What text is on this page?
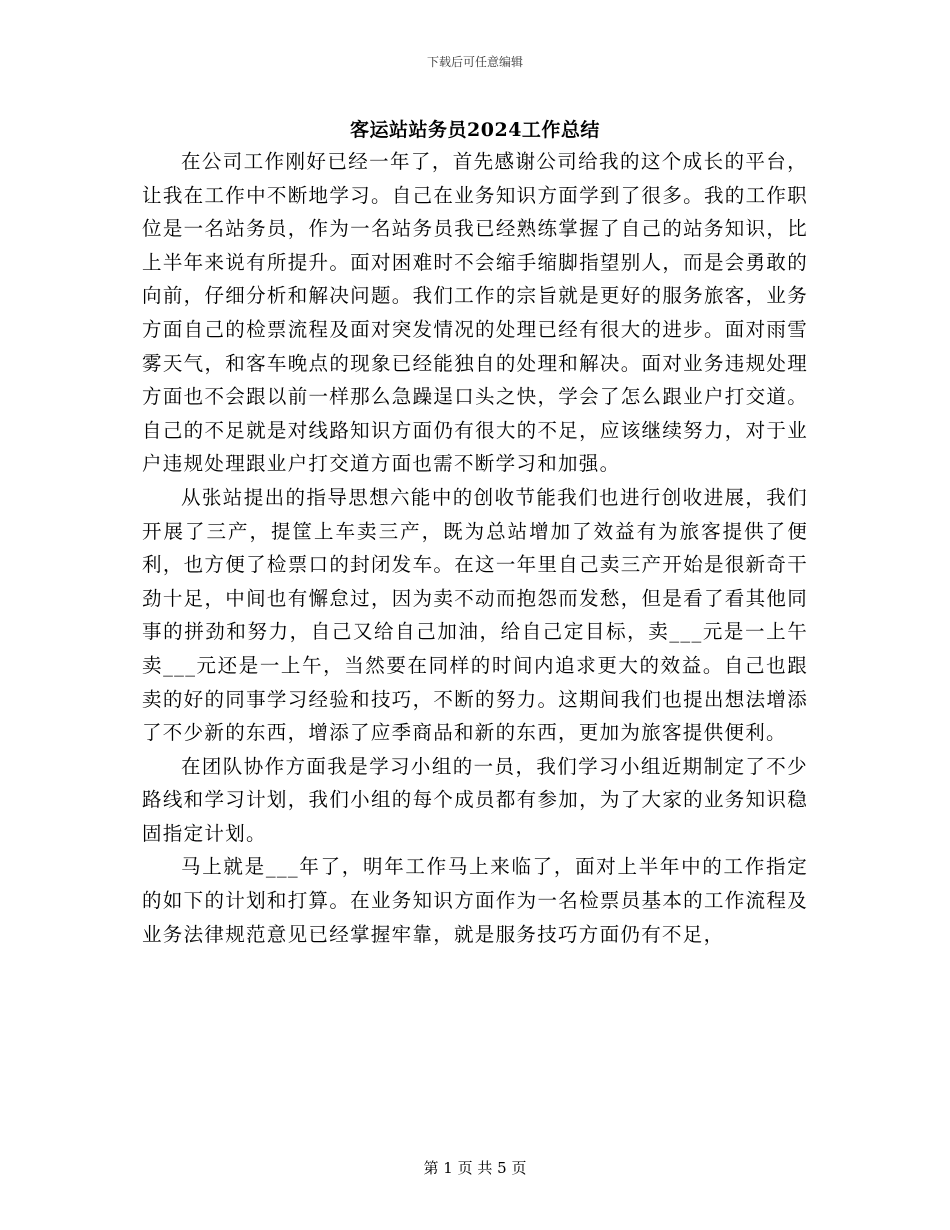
下载后可任意编辑
客运站站务员2024工作总结

在公司工作刚好已经一年了，首先感谢公司给我的这个成长的平台，让我在工作中不断地学习。自己在业务知识方面学到了很多。我的工作职位是一名站务员，作为一名站务员我已经熟练掌握了自己的站务知识，比上半年来说有所提升。面对困难时不会缩手缩脚指望别人，而是会勇敢的向前，仔细分析和解决问题。我们工作的宗旨就是更好的服务旅客，业务方面自己的检票流程及面对突发情况的处理已经有很大的进步。面对雨雪雾天气，和客车晚点的现象已经能独自的处理和解决。面对业务违规处理方面也不会跟以前一样那么急躁逞口头之快，学会了怎么跟业户打交道。自己的不足就是对线路知识方面仍有很大的不足，应该继续努力，对于业户违规处理跟业户打交道方面也需不断学习和加强。

从张站提出的指导思想六能中的创收节能我们也进行创收进展，我们开展了三产，提筐上车卖三产，既为总站增加了效益有为旅客提供了便利，也方便了检票口的封闭发车。在这一年里自己卖三产开始是很新奇干劲十足，中间也有懈怠过，因为卖不动而抱怨而发愁，但是看了看其他同事的拼劲和努力，自己又给自己加油，给自己定目标，卖___元是一上午卖___元还是一上午，当然要在同样的时间内追求更大的效益。自己也跟卖的好的同事学习经验和技巧，不断的努力。这期间我们也提出想法增添了不少新的东西，增添了应季商品和新的东西，更加为旅客提供便利。

在团队协作方面我是学习小组的一员，我们学习小组近期制定了不少路线和学习计划，我们小组的每个成员都有参加，为了大家的业务知识稳固指定计划。

马上就是___年了，明年工作马上来临了，面对上半年中的工作指定的如下的计划和打算。在业务知识方面作为一名检票员基本的工作流程及业务法律规范意见已经掌握牢靠，就是服务技巧方面仍有不足，

第 1 页 共 5 页
